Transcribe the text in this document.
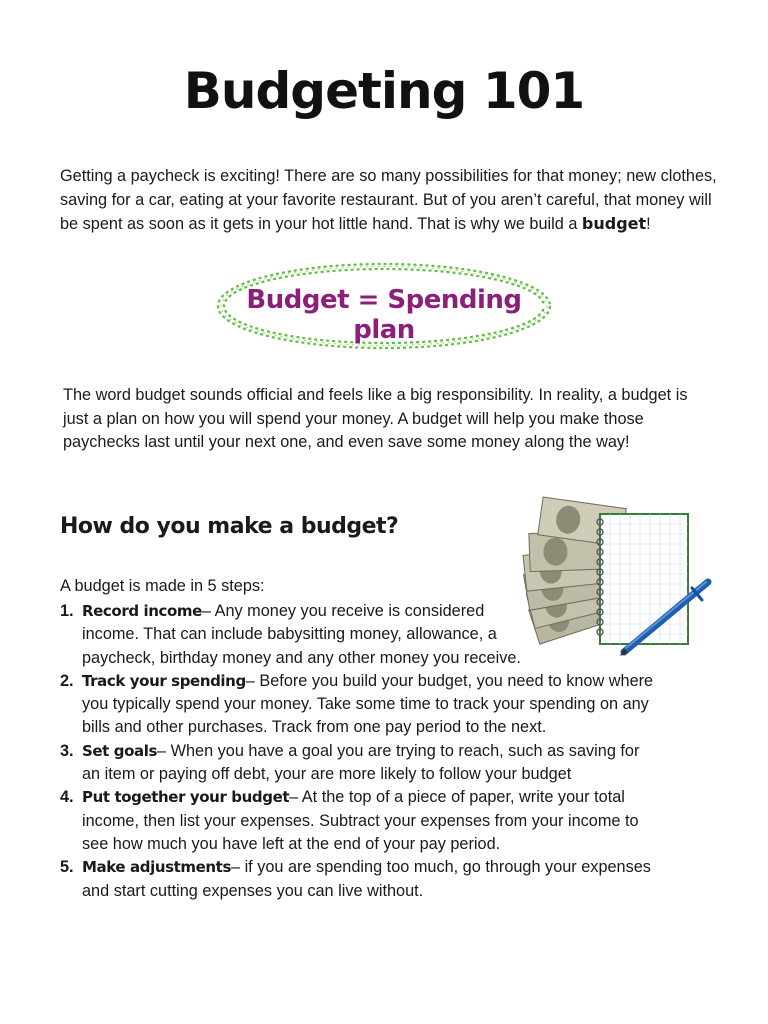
Budgeting 101

Getting a paycheck is exciting! There are so many possibilities for that money; new clothes, saving for a car, eating at your favorite restaurant. But of you aren’t careful, that money will be spent as soon as it gets in your hot little hand. That is why we build a budget!

Budget = Spending plan

The word budget sounds official and feels like a big responsibility. In reality, a budget is just a plan on how you will spend your money. A budget will help you make those paychecks last until your next one, and even save some money along the way!

How do you make a budget?

A budget is made in 5 steps:

1. Record income– Any money you receive is considered income. That can include babysitting money, allowance, a paycheck, birthday money and any other money you receive.
2. Track your spending– Before you build your budget, you need to know where you typically spend your money. Take some time to track your spending on any bills and other purchases. Track from one pay period to the next.
3. Set goals– When you have a goal you are trying to reach, such as saving for an item or paying off debt, your are more likely to follow your budget
4. Put together your budget– At the top of a piece of paper, write your total income, then list your expenses. Subtract your expenses from your income to see how much you have left at the end of your pay period.
5. Make adjustments– if you are spending too much, go through your expenses and start cutting expenses you can live without.
